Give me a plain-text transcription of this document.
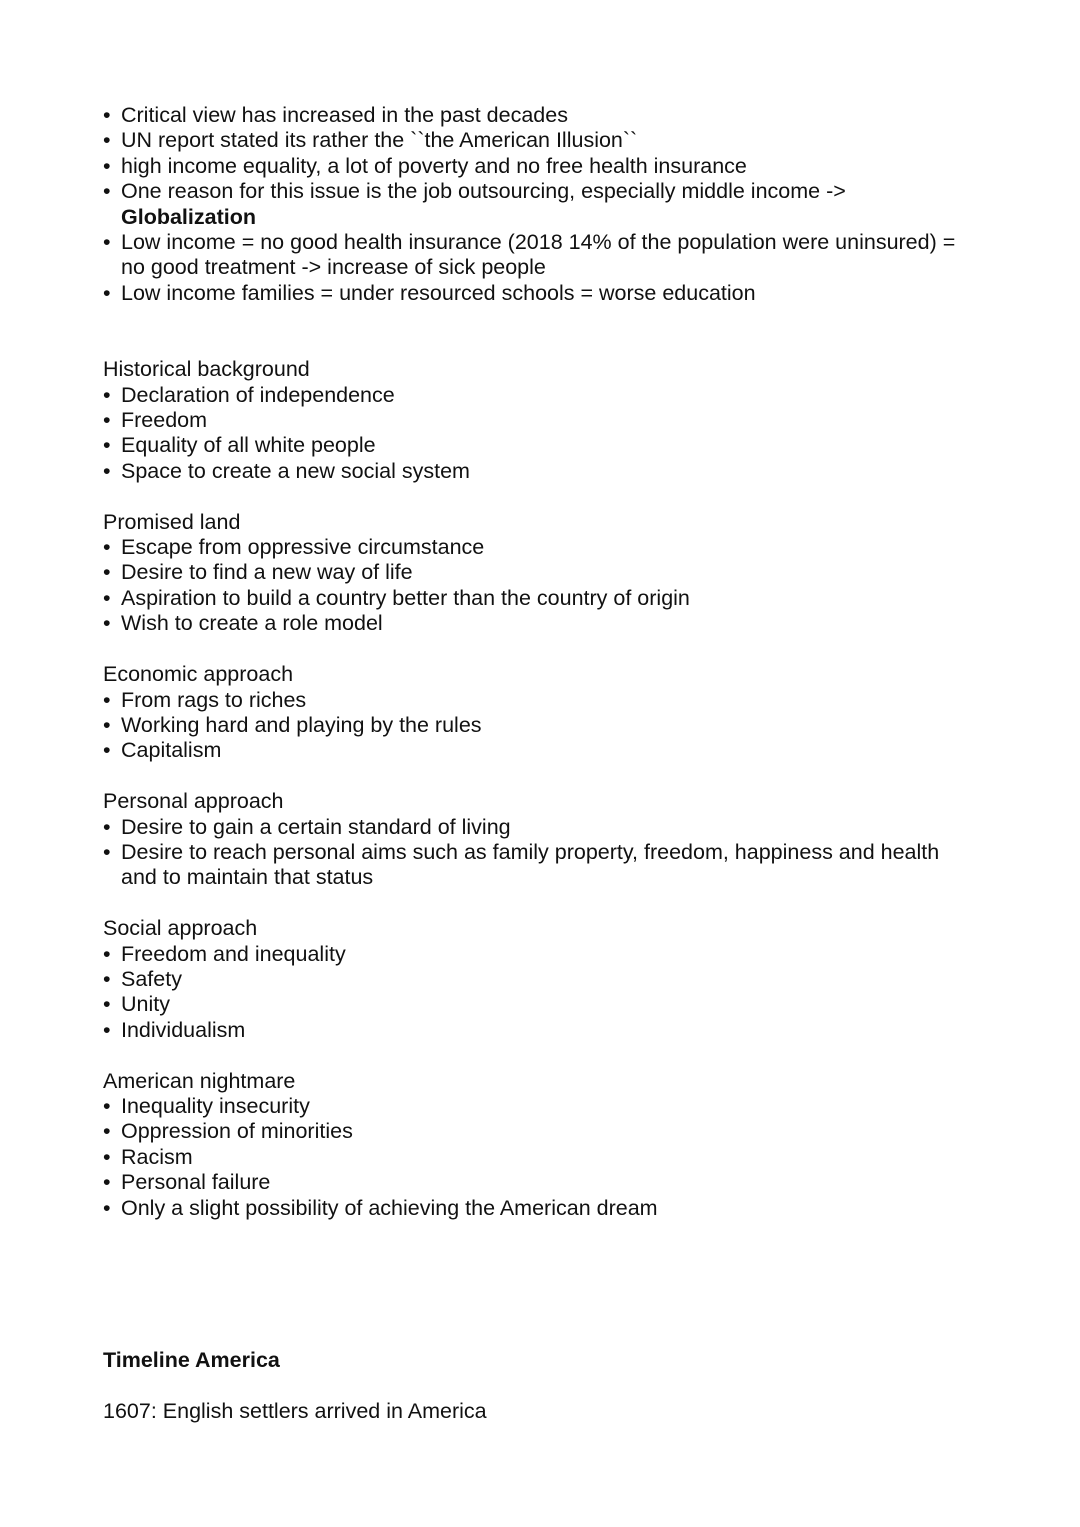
• Critical view has increased in the past decades
• UN report stated its rather the ``the American Illusion``
• high income equality, a lot of poverty and no free health insurance
• One reason for this issue is the job outsourcing, especially middle income ->
Globalization
• Low income = no good health insurance (2018 14% of the population were uninsured) =
no good treatment -> increase of sick people
• Low income families = under resourced schools = worse education

Historical background

• Declaration of independence
• Freedom
• Equality of all white people
• Space to create a new social system

Promised land

• Escape from oppressive circumstance
• Desire to find a new way of life
• Aspiration to build a country better than the country of origin
• Wish to create a role model

Economic approach

• From rags to riches
• Working hard and playing by the rules
• Capitalism

Personal approach

• Desire to gain a certain standard of living
• Desire to reach personal aims such as family property, freedom, happiness and health
and to maintain that status

Social approach

• Freedom and inequality
• Safety
• Unity
• Individualism

American nightmare

• Inequality insecurity
• Oppression of minorities
• Racism
• Personal failure
• Only a slight possibility of achieving the American dream

Timeline America

1607: English settlers arrived in America
